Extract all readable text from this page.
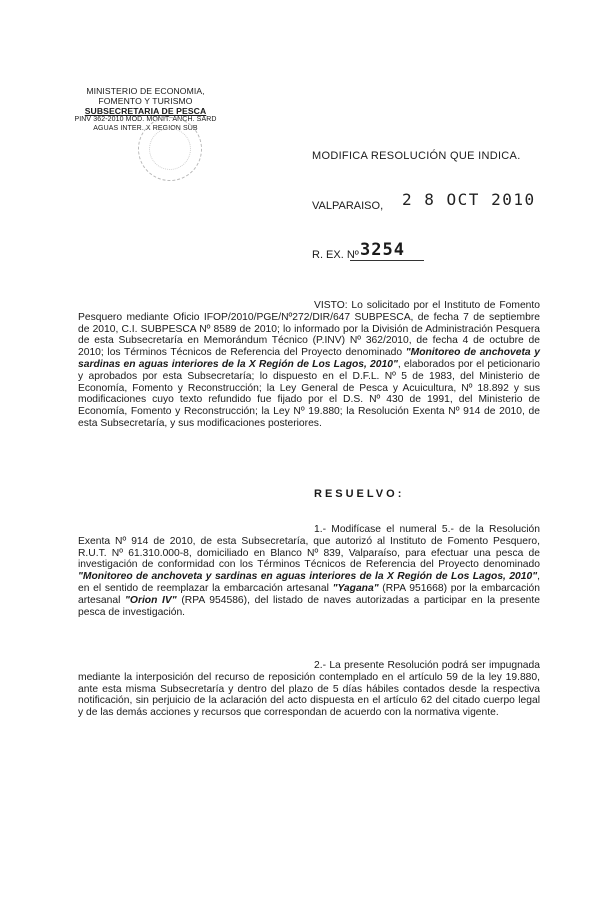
MINISTERIO DE ECONOMIA,
FOMENTO Y TURISMO
SUBSECRETARIA DE PESCA
PINV 362-2010 MOD. MONIT. ANCH. SARD
AGUAS INTER. X REGION SUB
MODIFICA RESOLUCIÓN QUE INDICA.
VALPARAISO, 2 8 OCT 2010
R. EX. Nº 3254
VISTO: Lo solicitado por el Instituto de Fomento Pesquero mediante Oficio IFOP/2010/PGE/Nº272/DIR/647 SUBPESCA, de fecha 7 de septiembre de 2010, C.I. SUBPESCA Nº 8589 de 2010; lo informado por la División de Administración Pesquera de esta Subsecretaría en Memorándum Técnico (P.INV) Nº 362/2010, de fecha 4 de octubre de 2010; los Términos Técnicos de Referencia del Proyecto denominado "Monitoreo de anchoveta y sardinas en aguas interiores de la X Región de Los Lagos, 2010", elaborados por el peticionario y aprobados por esta Subsecretaría; lo dispuesto en el D.F.L. Nº 5 de 1983, del Ministerio de Economía, Fomento y Reconstrucción; la Ley General de Pesca y Acuicultura, Nº 18.892 y sus modificaciones cuyo texto refundido fue fijado por el D.S. Nº 430 de 1991, del Ministerio de Economía, Fomento y Reconstrucción; la Ley Nº 19.880; la Resolución Exenta Nº 914 de 2010, de esta Subsecretaría, y sus modificaciones posteriores.
RESUELVO:
1.- Modifícase el numeral 5.- de la Resolución Exenta Nº 914 de 2010, de esta Subsecretaría, que autorizó al Instituto de Fomento Pesquero, R.U.T. Nº 61.310.000-8, domiciliado en Blanco Nº 839, Valparaíso, para efectuar una pesca de investigación de conformidad con los Términos Técnicos de Referencia del Proyecto denominado "Monitoreo de anchoveta y sardinas en aguas interiores de la X Región de Los Lagos, 2010", en el sentido de reemplazar la embarcación artesanal "Yagana" (RPA 951668) por la embarcación artesanal "Orion IV" (RPA 954586), del listado de naves autorizadas a participar en la presente pesca de investigación.
2.- La presente Resolución podrá ser impugnada mediante la interposición del recurso de reposición contemplado en el artículo 59 de la ley 19.880, ante esta misma Subsecretaría y dentro del plazo de 5 días hábiles contados desde la respectiva notificación, sin perjuicio de la aclaración del acto dispuesta en el artículo 62 del citado cuerpo legal y de las demás acciones y recursos que correspondan de acuerdo con la normativa vigente.
